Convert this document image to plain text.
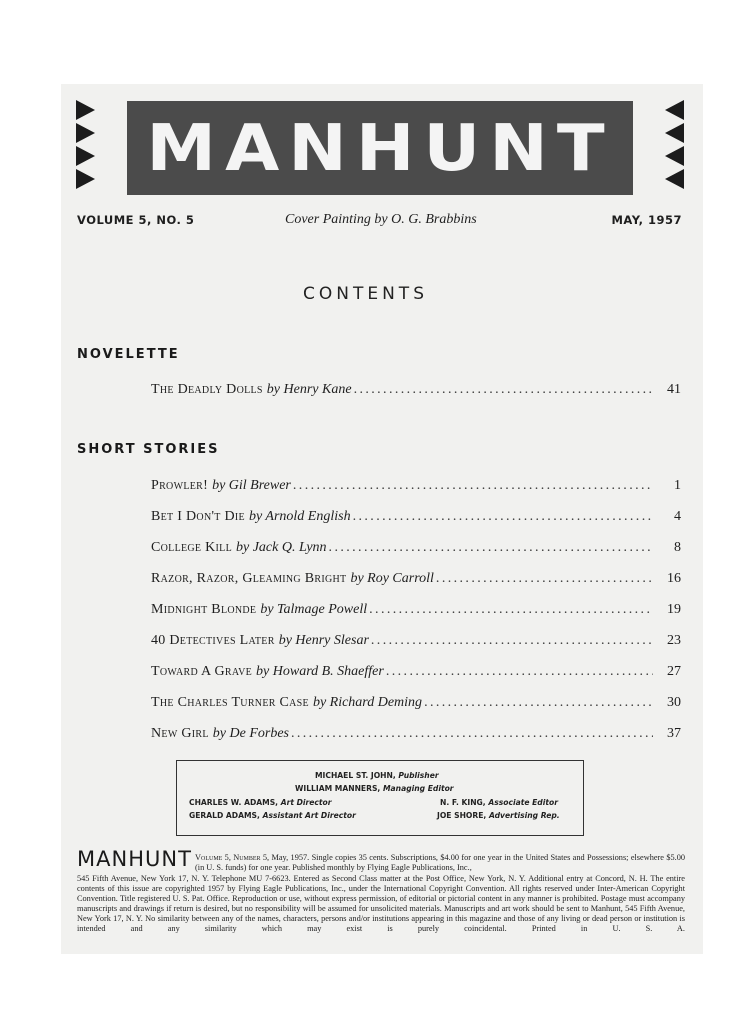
MANHUNT
VOLUME 5, NO. 5	Cover Painting by O. G. Brabbins	MAY, 1957
CONTENTS
NOVELETTE
The Deadly Dolls by Henry Kane .....	41
SHORT STORIES
Prowler! by Gil Brewer .....	1
Bet I Don't Die by Arnold English .....	4
College Kill by Jack Q. Lynn .....	8
Razor, Razor, Gleaming Bright by Roy Carroll .....	16
Midnight Blonde by Talmage Powell .....	19
40 Detectives Later by Henry Slesar .....	23
Toward A Grave by Howard B. Shaeffer .....	27
The Charles Turner Case by Richard Deming .....	30
New Girl by De Forbes .....	37
MICHAEL ST. JOHN, Publisher
WILLIAM MANNERS, Managing Editor
CHARLES W. ADAMS, Art Director	N. F. KING, Associate Editor
GERALD ADAMS, Assistant Art Director	JOE SHORE, Advertising Rep.
MANHUNT Volume 5, Number 5, May, 1957. Single copies 35 cents. Subscriptions, $4.00 for one year in the United States and Possessions; elsewhere $5.00 (in U. S. funds) for one year. Published monthly by Flying Eagle Publications, Inc.,
545 Fifth Avenue, New York 17, N. Y. Telephone MU 7-6623. Entered as Second Class matter at the Post Office, New York, N. Y. Additional entry at Concord, N. H. The entire contents of this issue are copyrighted 1957 by Flying Eagle Publications, Inc., under the International Copyright Convention. All rights reserved under Inter-American Copyright Convention. Title registered U. S. Pat. Office. Reproduction or use, without express permission, of editorial or pictorial content in any manner is prohibited. Postage must accompany manuscripts and drawings if return is desired, but no responsibility will be assumed for unsolicited materials. Manuscripts and art work should be sent to Manhunt, 545 Fifth Avenue, New York 17, N. Y. No similarity between any of the names, characters, persons and/or institutions appearing in this magazine and those of any living or dead person or institution is intended and any similarity which may exist is purely coincidental. Printed in U. S. A.
